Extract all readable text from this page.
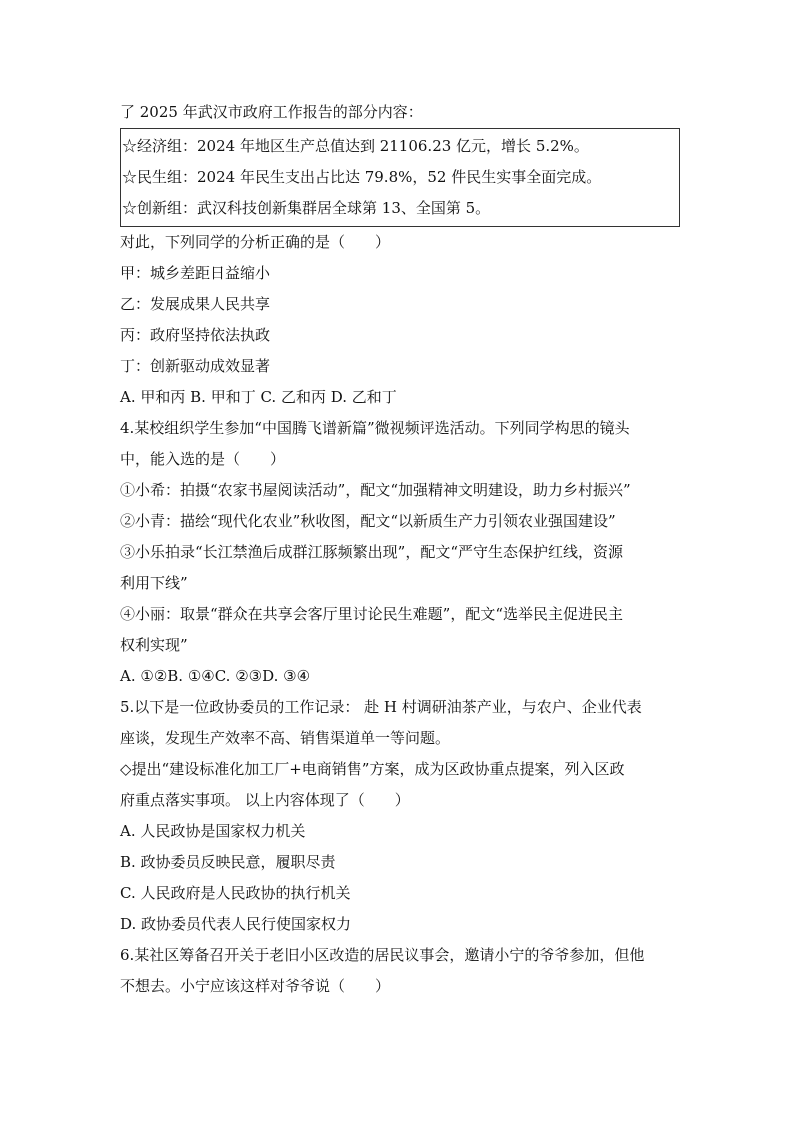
了 2025 年武汉市政府工作报告的部分内容：
☆经济组：2024 年地区生产总值达到 21106.23 亿元，增长 5.2%。
☆民生组：2024 年民生支出占比达 79.8%，52 件民生实事全面完成。
☆创新组：武汉科技创新集群居全球第 13、全国第 5。
对此，下列同学的分析正确的是（　　）
甲：城乡差距日益缩小
乙：发展成果人民共享
丙：政府坚持依法执政
丁：创新驱动成效显著
A. 甲和丙 B. 甲和丁 C. 乙和丙 D. 乙和丁
4.某校组织学生参加“中国腾飞谱新篇”微视频评选活动。下列同学构思的镜头
中，能入选的是（　　）
①小希：拍摄“农家书屋阅读活动”，配文“加强精神文明建设，助力乡村振兴”
②小青：描绘“现代化农业”秋收图，配文“以新质生产力引领农业强国建设”
③小乐拍录“长江禁渔后成群江豚频繁出现”，配文“严守生态保护红线，资源
利用下线”
④小丽：取景“群众在共享会客厅里讨论民生难题”，配文“选举民主促进民主
权利实现”
A. ①②B. ①④C. ②③D. ③④
5.以下是一位政协委员的工作记录： 赴 H 村调研油茶产业，与农户、企业代表
座谈，发现生产效率不高、销售渠道单一等问题。
◇提出“建设标准化加工厂+电商销售”方案，成为区政协重点提案，列入区政
府重点落实事项。 以上内容体现了（　　）
A. 人民政协是国家权力机关
B. 政协委员反映民意，履职尽责
C. 人民政府是人民政协的执行机关
D. 政协委员代表人民行使国家权力
6.某社区筹备召开关于老旧小区改造的居民议事会，邀请小宁的爷爷参加，但他
不想去。小宁应该这样对爷爷说（　　）
